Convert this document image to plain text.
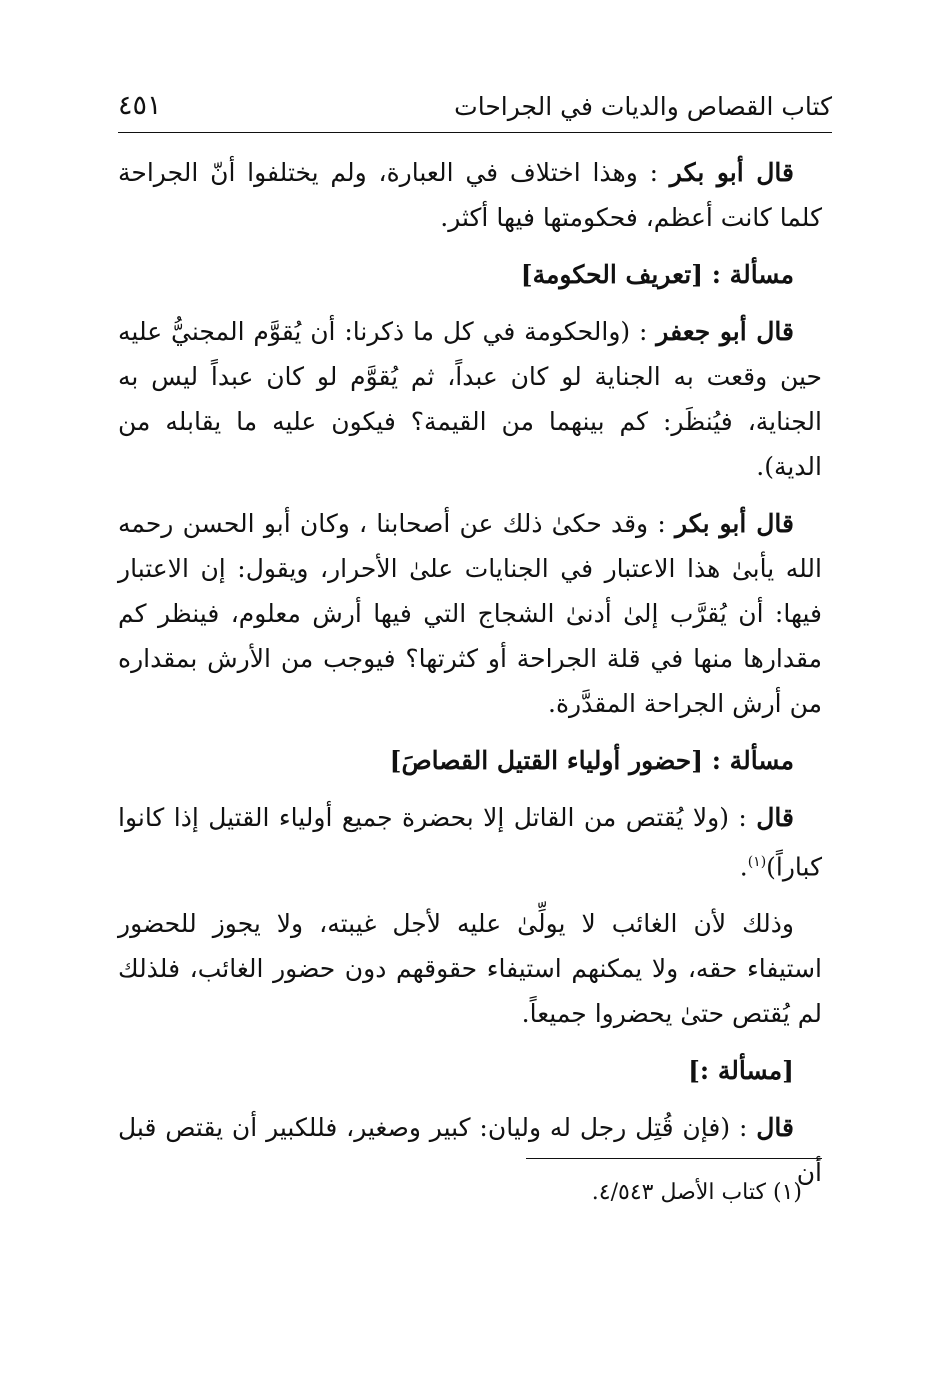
كتاب القصاص والديات في الجراحات
٤٥١

قال أبو بكر : وهذا اختلاف في العبارة، ولم يختلفوا أنّ الجراحة كلما كانت أعظم، فحكومتها فيها أكثر.

مسألة : [تعريف الحكومة]

قال أبو جعفر : (والحكومة في كل ما ذكرنا: أن يُقوَّم المجنيُّ عليه حين وقعت به الجناية لو كان عبداً، ثم يُقوَّم لو كان عبداً ليس به الجناية، فيُنظَر: كم بينهما من القيمة؟ فيكون عليه ما يقابله من الدية).

قال أبو بكر : وقد حكىٰ ذلك عن أصحابنا ، وكان أبو الحسن رحمه الله يأبىٰ هذا الاعتبار في الجنايات علىٰ الأحرار، ويقول: إن الاعتبار فيها: أن يُقرَّب إلىٰ أدنىٰ الشجاج التي فيها أرش معلوم، فينظر كم مقدارها منها في قلة الجراحة أو كثرتها؟ فيوجب من الأرش بمقداره من أرش الجراحة المقدَّرة.

مسألة : [حضور أولياء القتيل القصاصَ]

قال : (ولا يُقتص من القاتل إلا بحضرة جميع أولياء القتيل إذا كانوا كباراً)$^{(١)}$.

وذلك لأن الغائب لا يولِّىٰ عليه لأجل غيبته، ولا يجوز للحضور استيفاء حقه، ولا يمكنهم استيفاء حقوقهم دون حضور الغائب، فلذلك لم يُقتص حتىٰ يحضروا جميعاً.

[مسألة :]

قال : (فإن قُتِل رجل له وليان: كبير وصغير، فللكبير أن يقتص قبل أن

(١) كتاب الأصل ٤/٥٤٣.
